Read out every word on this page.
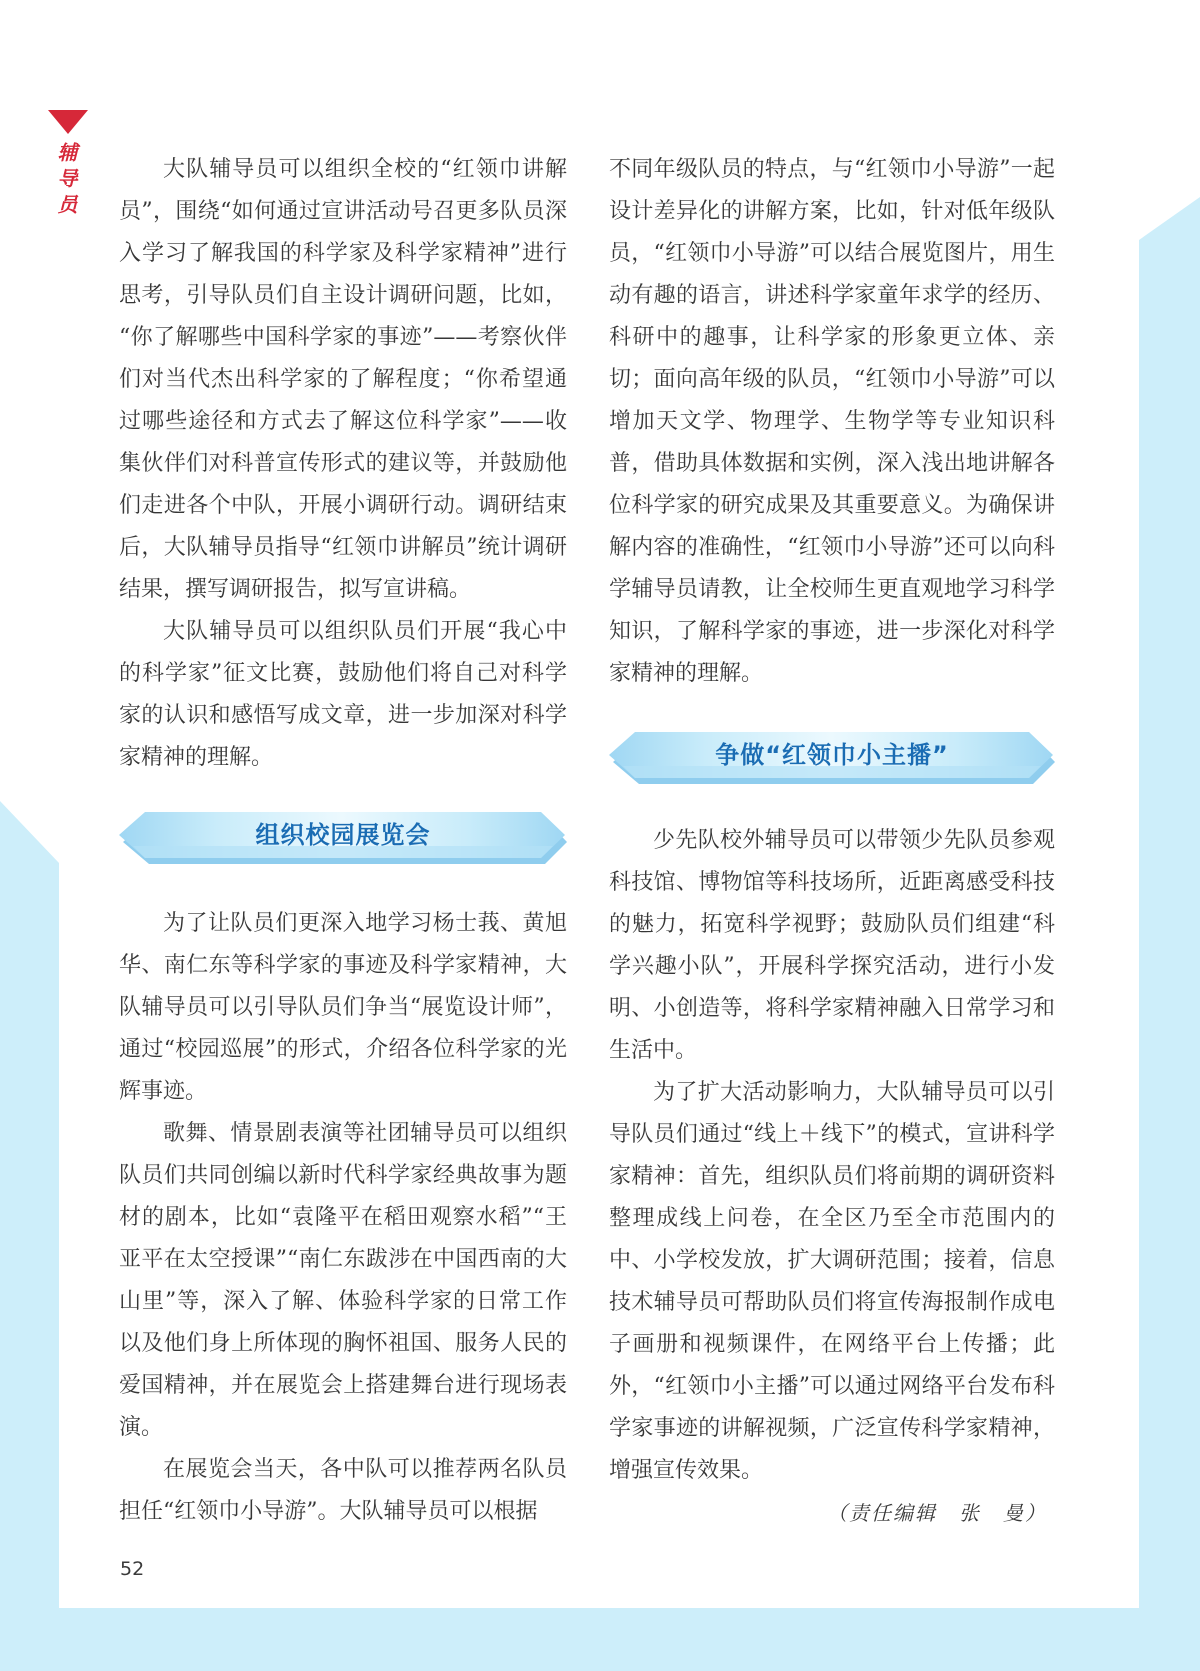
辅导员	大队辅导员可以组织全校的“红领巾讲解员”，围绕“如何通过宣讲活动号召更多队员深入学习了解我国的科学家及科学家精神”进行思考，引导队员们自主设计调研问题，比如，“你了解哪些中国科学家的事迹”——考察伙伴们对当代杰出科学家的了解程度；“你希望通过哪些途径和方式去了解这位科学家”——收集伙伴们对科普宣传形式的建议等，并鼓励他们走进各个中队，开展小调研行动。调研结束后，大队辅导员指导“红领巾讲解员”统计调研结果，撰写调研报告，拟写宣讲稿。

大队辅导员可以组织队员们开展“我心中的科学家”征文比赛，鼓励他们将自己对科学家的认识和感悟写成文章，进一步加深对科学家精神的理解。

组织校园展览会

为了让队员们更深入地学习杨士莪、黄旭华、南仁东等科学家的事迹及科学家精神，大队辅导员可以引导队员们争当“展览设计师”，通过“校园巡展”的形式，介绍各位科学家的光辉事迹。

歌舞、情景剧表演等社团辅导员可以组织队员们共同创编以新时代科学家经典故事为题材的剧本，比如“袁隆平在稻田观察水稻”“王亚平在太空授课”“南仁东跋涉在中国西南的大山里”等，深入了解、体验科学家的日常工作以及他们身上所体现的胸怀祖国、服务人民的爱国精神，并在展览会上搭建舞台进行现场表演。

在展览会当天，各中队可以推荐两名队员担任“红领巾小导游”。大队辅导员可以根据

不同年级队员的特点，与“红领巾小导游”一起设计差异化的讲解方案，比如，针对低年级队员，“红领巾小导游”可以结合展览图片，用生动有趣的语言，讲述科学家童年求学的经历、科研中的趣事，让科学家的形象更立体、亲切；面向高年级的队员，“红领巾小导游”可以增加天文学、物理学、生物学等专业知识科普，借助具体数据和实例，深入浅出地讲解各位科学家的研究成果及其重要意义。为确保讲解内容的准确性，“红领巾小导游”还可以向科学辅导员请教，让全校师生更直观地学习科学知识，了解科学家的事迹，进一步深化对科学家精神的理解。

争做“红领巾小主播”

少先队校外辅导员可以带领少先队员参观科技馆、博物馆等科技场所，近距离感受科技的魅力，拓宽科学视野；鼓励队员们组建“科学兴趣小队”，开展科学探究活动，进行小发明、小创造等，将科学家精神融入日常学习和生活中。

为了扩大活动影响力，大队辅导员可以引导队员们通过“线上＋线下”的模式，宣讲科学家精神：首先，组织队员们将前期的调研资料整理成线上问卷，在全区乃至全市范围内的中、小学校发放，扩大调研范围；接着，信息技术辅导员可帮助队员们将宣传海报制作成电子画册和视频课件，在网络平台上传播；此外，“红领巾小主播”可以通过网络平台发布科学家事迹的讲解视频，广泛宣传科学家精神，增强宣传效果。

（责任编辑　张　曼）

52
